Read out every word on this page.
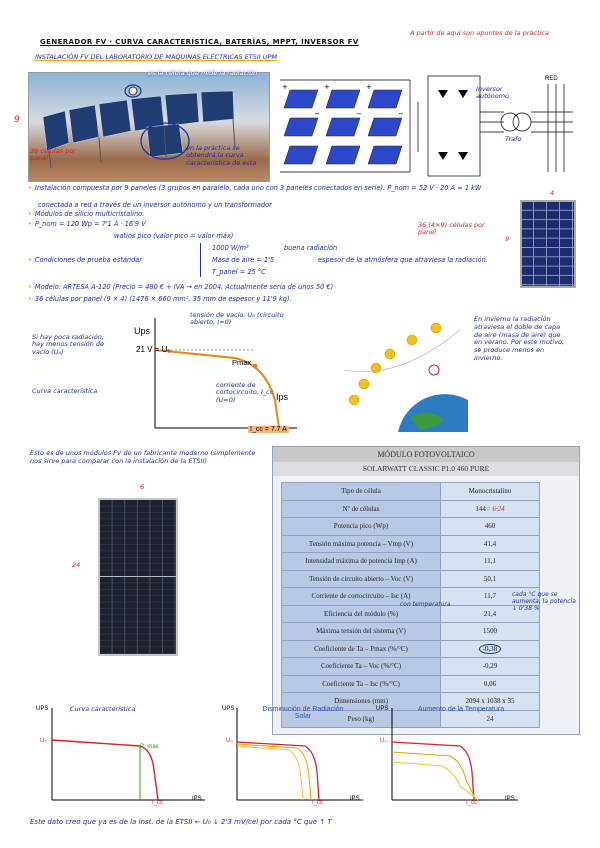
GENERADOR FV · CURVA CARACTERÍSTICA, BATERÍAS, MPPT, INVERSOR FV
INSTALACIÓN FV DEL LABORATORIO DE MÁQUINAS ELÉCTRICAS ETSII UPM
A partir de aquí son apuntes de la práctica
es la célula que mide la radiación
9
36 células por panel
en la práctica se obtendrá la curva característica de esta
+	+	+
−	−	−
Inversor autónomo
RED
Trafo
• Instalación compuesta por 9 paneles (3 grupos en paralelo, cada uno con 3 paneles conectados en serie). P_nom = 52 V · 20 A ≈ 1 kW
conectada a red a través de un inversor autónomo y un transformador
• Módulos de silicio multicristalino.
• P_nom = 120 Wp = 7'1 A · 16'9 V
watios pico (valor pico = valor máx)
• Condiciones de prueba estándar
1000 W/m²	buena radiación
Masa de aire = 1'5	espesor de la atmósfera que atraviesa la radiación.
T_panel = 25 °C
• Modelo: ARTESA A-120 (Precio = 480 € + IVA → en 2004. Actualmente sería de unos 50 €)
• 36 células por panel (9 × 4) (1476 × 660 mm², 35 mm de espesor y 11'9 kg).
36 (4×9) células por panel
4
9
Ups
21 V = U₀
Pmax
Ips
I_cc = 7.7 A
tensión de vacío, U₀ (circuito abierto, I=0)
corriente de cortocircuito, I_cc (U=0)
Si hay poca radiación, hay menos tensión de vacío (U₀)
Curva característica
En invierno la radiación atraviesa el doble de capa de aire (masa de aire) que en verano. Por este motivo, se produce menos en invierno.
Esto es de unos módulos FV de un fabricante moderno (simplemente nos sirve para comparar con la instalación de la ETSII)
6
24
MÓDULO FOTOVOLTAICO
SOLARWATT CLASSIC P1.0 460 PURE
Tipo de célula	Monocristalino
Nº de células	144= 6·24
Potencia pico (Wp)	460
Tensión máxima potencia – Vmp (V)	41,4
Intensidad máxima de potencia Imp (A)	11,1
Tensión de circuito abierto – Voc (V)	50,1
Corriente de cortocircuito – Isc (A)	11,7
Eficiencia del módulo (%)	21,4
Máxima tensión del sistema (V)	1500
Coeficiente de Ta – Pmax (%/°C)	-0,38
Coeficiente Ta – Voc (%/°C)	-0,29
Coeficiente Ta – Isc (%/°C)	0,06
Dimensiones (mm)	2094 x 1038 x 35
Peso (kg)	24
con temperatura
cada °C que se aumenta, la potencia ↓ 0'38 %
UPS
U₀
IPS
I_cc
P_max
Curva característica	UPS
U₀
IPS
I_cc
Disminución de Radiación Solar
UPS
U₀
IPS
I_cc
Aumento de la Temperatura
Este dato creo que ya es de la inst. de la ETSII ← U₀ ↓ 2'3 mV/cel por cada °C que ↑ T
